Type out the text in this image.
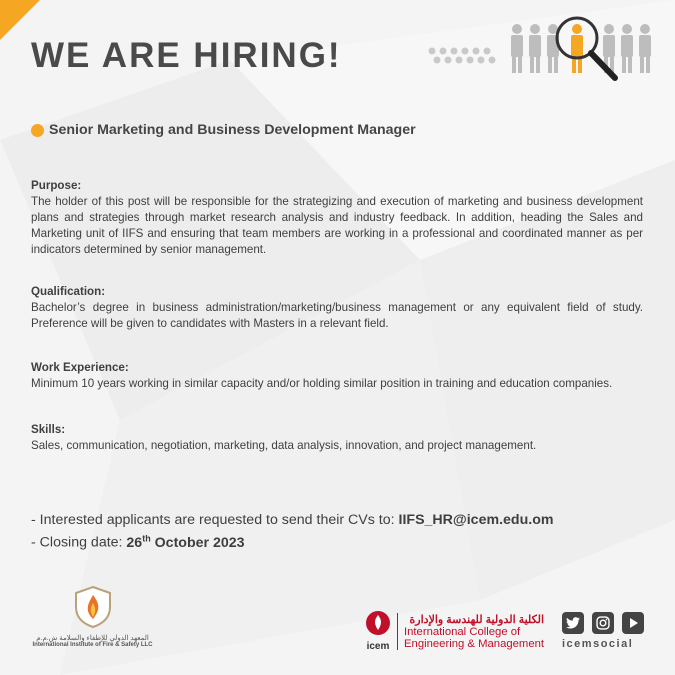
WE ARE HIRING!
Senior Marketing and Business Development Manager
Purpose:

The holder of this post will be responsible for the strategizing and execution of marketing and business development plans and strategies through market research analysis and industry feedback. In addition, heading the Sales and Marketing unit of IIFS and ensuring that team members are working in a professional and coordinated manner as per indicators determined by senior management.

Qualification:

Bachelor’s degree in business administration/marketing/business management or any equivalent field of study. Preference will be given to candidates with Masters in a relevant field.

Work Experience:

Minimum 10 years working in similar capacity and/or holding similar position in training and education companies.

Skills:

Sales, communication, negotiation, marketing, data analysis, innovation, and project management.

- Interested applicants are requested to send their CVs to: IIFS_HR@icem.edu.om
- Closing date: 26th October 2023
المعهد الدولي للإطفاء والسلامة ش.م.م
International Institute of Fire & Safety LLC	icem
الكلية الدولية للهندسة والإدارة
International College of
Engineering & Management icemsocial
